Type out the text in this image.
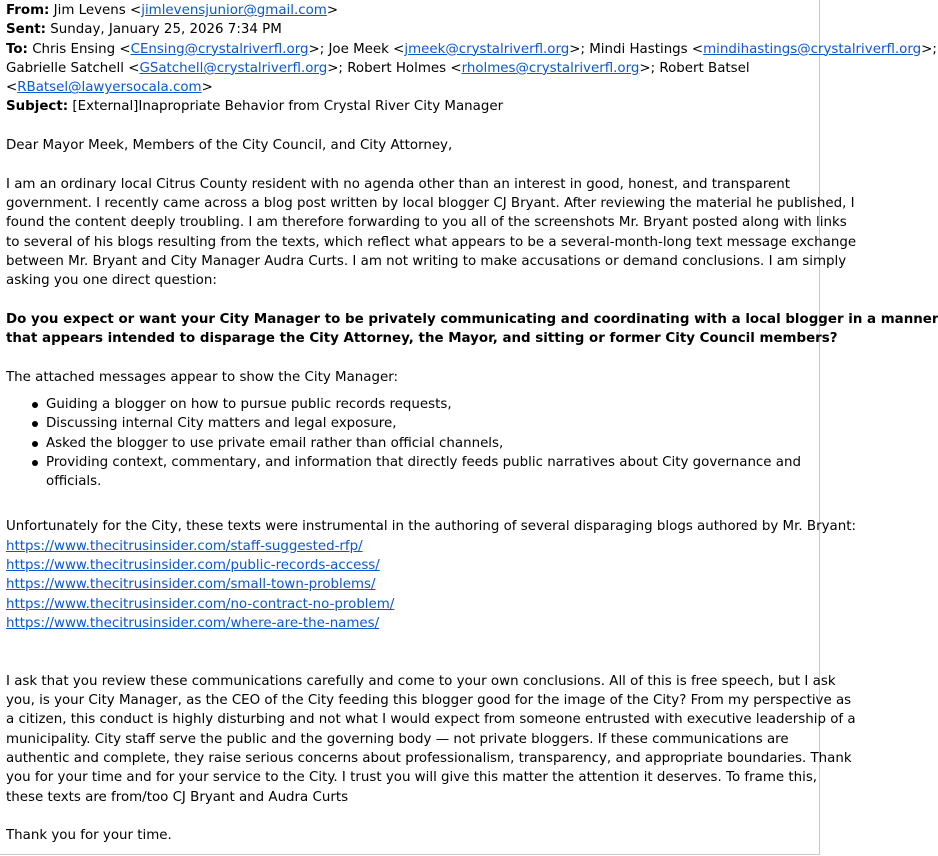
From: Jim Levens <jimlevensjunior@gmail.com>
Sent: Sunday, January 25, 2026 7:34 PM
To: Chris Ensing <CEnsing@crystalriverfl.org>; Joe Meek <jmeek@crystalriverfl.org>; Mindi Hastings <mindihastings@crystalriverfl.org>;
Gabrielle Satchell <GSatchell@crystalriverfl.org>; Robert Holmes <rholmes@crystalriverfl.org>; Robert Batsel
<RBatsel@lawyersocala.com>
Subject: [External]Inapropriate Behavior from Crystal River City Manager
Dear Mayor Meek, Members of the City Council, and City Attorney,
I am an ordinary local Citrus County resident with no agenda other than an interest in good, honest, and transparent
government. I recently came across a blog post written by local blogger CJ Bryant. After reviewing the material he published, I
found the content deeply troubling. I am therefore forwarding to you all of the screenshots Mr. Bryant posted along with links
to several of his blogs resulting from the texts, which reflect what appears to be a several-month-long text message exchange
between Mr. Bryant and City Manager Audra Curts. I am not writing to make accusations or demand conclusions. I am simply
asking you one direct question:
Do you expect or want your City Manager to be privately communicating and coordinating with a local blogger in a manner
that appears intended to disparage the City Attorney, the Mayor, and sitting or former City Council members?
The attached messages appear to show the City Manager:
Guiding a blogger on how to pursue public records requests,
Discussing internal City matters and legal exposure,
Asked the blogger to use private email rather than official channels,
Providing context, commentary, and information that directly feeds public narratives about City governance and officials.
Unfortunately for the City, these texts were instrumental in the authoring of several disparaging blogs authored by Mr. Bryant:
https://www.thecitrusinsider.com/staff-suggested-rfp/
https://www.thecitrusinsider.com/public-records-access/
https://www.thecitrusinsider.com/small-town-problems/
https://www.thecitrusinsider.com/no-contract-no-problem/
https://www.thecitrusinsider.com/where-are-the-names/
I ask that you review these communications carefully and come to your own conclusions. All of this is free speech, but I ask
you, is your City Manager, as the CEO of the City feeding this blogger good for the image of the City? From my perspective as
a citizen, this conduct is highly disturbing and not what I would expect from someone entrusted with executive leadership of a
municipality. City staff serve the public and the governing body — not private bloggers. If these communications are
authentic and complete, they raise serious concerns about professionalism, transparency, and appropriate boundaries. Thank
you for your time and for your service to the City. I trust you will give this matter the attention it deserves. To frame this,
these texts are from/too CJ Bryant and Audra Curts
Thank you for your time.
